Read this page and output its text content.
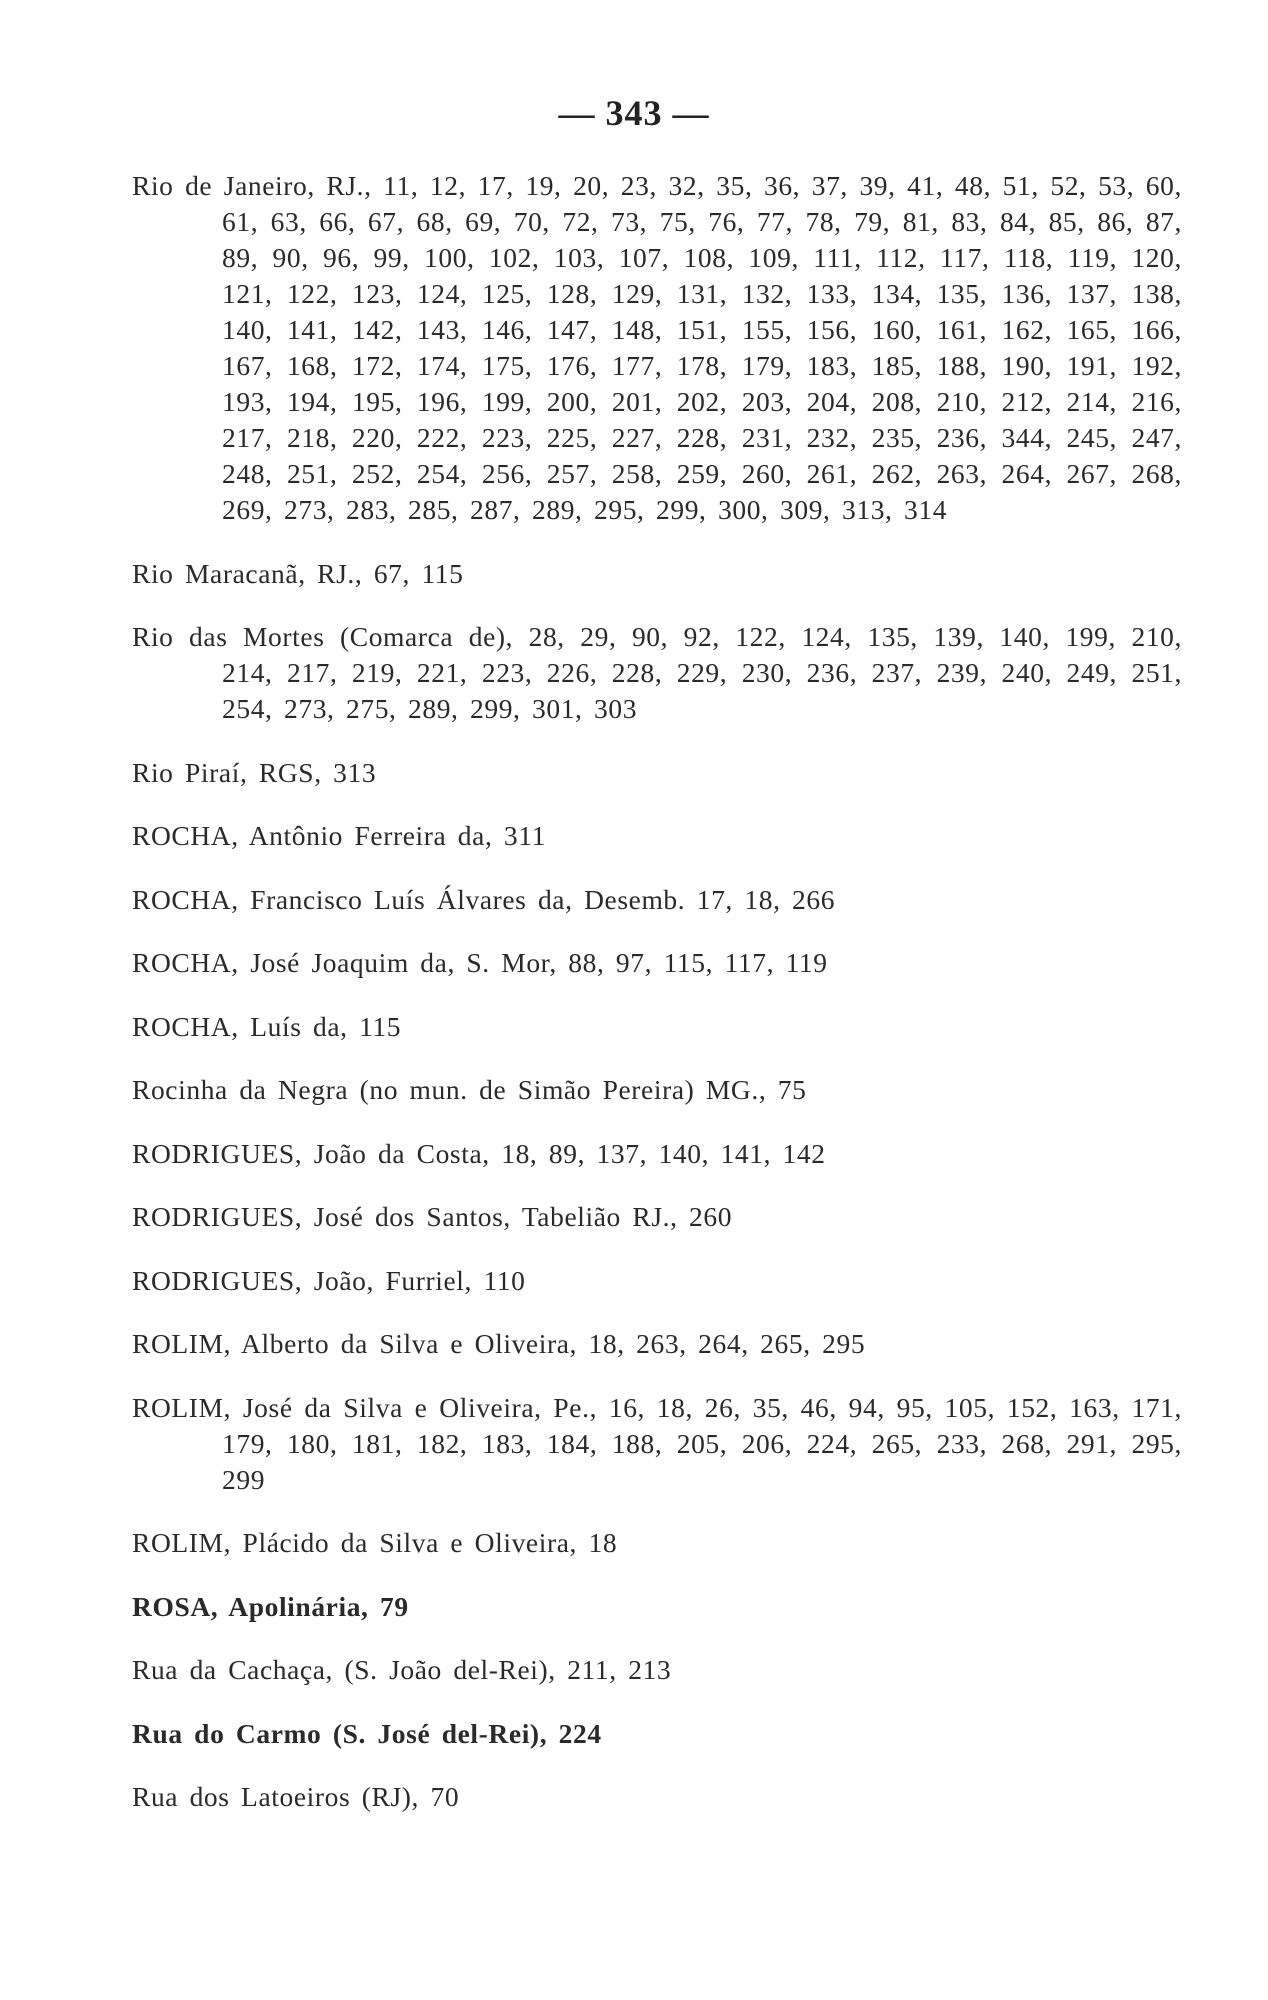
— 343 —

Rio de Janeiro, RJ., 11, 12, 17, 19, 20, 23, 32, 35, 36, 37, 39, 41, 48, 51, 52, 53, 60, 61, 63, 66, 67, 68, 69, 70, 72, 73, 75, 76, 77, 78, 79, 81, 83, 84, 85, 86, 87, 89, 90, 96, 99, 100, 102, 103, 107, 108, 109, 111, 112, 117, 118, 119, 120, 121, 122, 123, 124, 125, 128, 129, 131, 132, 133, 134, 135, 136, 137, 138, 140, 141, 142, 143, 146, 147, 148, 151, 155, 156, 160, 161, 162, 165, 166, 167, 168, 172, 174, 175, 176, 177, 178, 179, 183, 185, 188, 190, 191, 192, 193, 194, 195, 196, 199, 200, 201, 202, 203, 204, 208, 210, 212, 214, 216, 217, 218, 220, 222, 223, 225, 227, 228, 231, 232, 235, 236, 344, 245, 247, 248, 251, 252, 254, 256, 257, 258, 259, 260, 261, 262, 263, 264, 267, 268, 269, 273, 283, 285, 287, 289, 295, 299, 300, 309, 313, 314

Rio Maracanã, RJ., 67, 115

Rio das Mortes (Comarca de), 28, 29, 90, 92, 122, 124, 135, 139, 140, 199, 210, 214, 217, 219, 221, 223, 226, 228, 229, 230, 236, 237, 239, 240, 249, 251, 254, 273, 275, 289, 299, 301, 303

Rio Piraí, RGS, 313

ROCHA, Antônio Ferreira da, 311

ROCHA, Francisco Luís Álvares da, Desemb. 17, 18, 266

ROCHA, José Joaquim da, S. Mor, 88, 97, 115, 117, 119

ROCHA, Luís da, 115

Rocinha da Negra (no mun. de Simão Pereira) MG., 75

RODRIGUES, João da Costa, 18, 89, 137, 140, 141, 142

RODRIGUES, José dos Santos, Tabelião RJ., 260

RODRIGUES, João, Furriel, 110

ROLIM, Alberto da Silva e Oliveira, 18, 263, 264, 265, 295

ROLIM, José da Silva e Oliveira, Pe., 16, 18, 26, 35, 46, 94, 95, 105, 152, 163, 171, 179, 180, 181, 182, 183, 184, 188, 205, 206, 224, 265, 233, 268, 291, 295, 299

ROLIM, Plácido da Silva e Oliveira, 18

ROSA, Apolinária, 79

Rua da Cachaça, (S. João del-Rei), 211, 213

Rua do Carmo (S. José del-Rei), 224

Rua dos Latoeiros (RJ), 70
